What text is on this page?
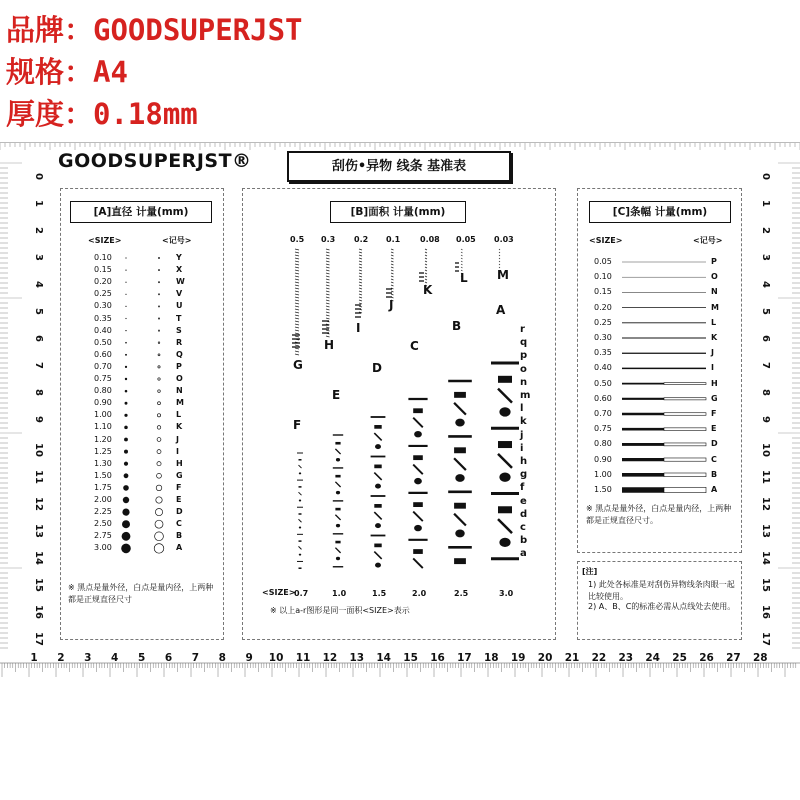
品牌：GOODSUPERJST
规格：A4
厚度：0.18mm
0	0
1	1
2	2
3	3
4	4
5	5
6	6
7	7
8	8
9	9
10	10
11	11
12	12
13	13
14	14
15	15
16	16
17	17
1 2 3 4 5 6 7 8 9 10 11 12 13 14 15 16 17 18 19 20 21 22 23 24 25 26 27 28
GOODSUPERJST®	刮伤•异物 线条 基准表
[A]直径 计量(mm)
<SIZE>	<记号>
0.10	Y
0.15	X
0.20	W
0.25	V
0.30	U
0.35	T
0.40	S
0.50	R
0.60	Q
0.70	P
0.75	O
0.80	N
0.90	M
1.00	L
1.10	K
1.20	J
1.25	I
1.30	H
1.50	G
1.75	F
2.00	E
2.25	D
2.50	C
2.75	B
3.00	A
※ 黑点是量外径，白点是量内径，上两种都是正规直径尺寸
[B]面积 计量(mm)
0.5 0.3 0.2 0.1 0.08 0.05 0.03
G
H
I
J
K
L M
F
E
D
C
B
A
r
q
p
o
n
m
l
k
j
i
h
g
f
e
d
c
b
a
0.7	1.0	1.5	2.0	2.5	3.0
<SIZE>
※ 以上a-r图形是同一面积<SIZE>表示
[C]条幅 计量(mm)
<SIZE>	<记号>
0.05	P
0.10	O
0.15	N
0.20	M
0.25	L
0.30	K
0.35	J
0.40	I
0.50	H
0.60	G
0.70	F
0.75	E
0.80	D
0.90	C
1.00	B
1.50	A
※ 黑点是量外径，白点是量内径，上两种都是正规直径尺寸。
[注]
1) 此处各标准是对刮伤异物线条肉眼一起比较使用。
2) A、B、C的标准必需从点线处去使用。
